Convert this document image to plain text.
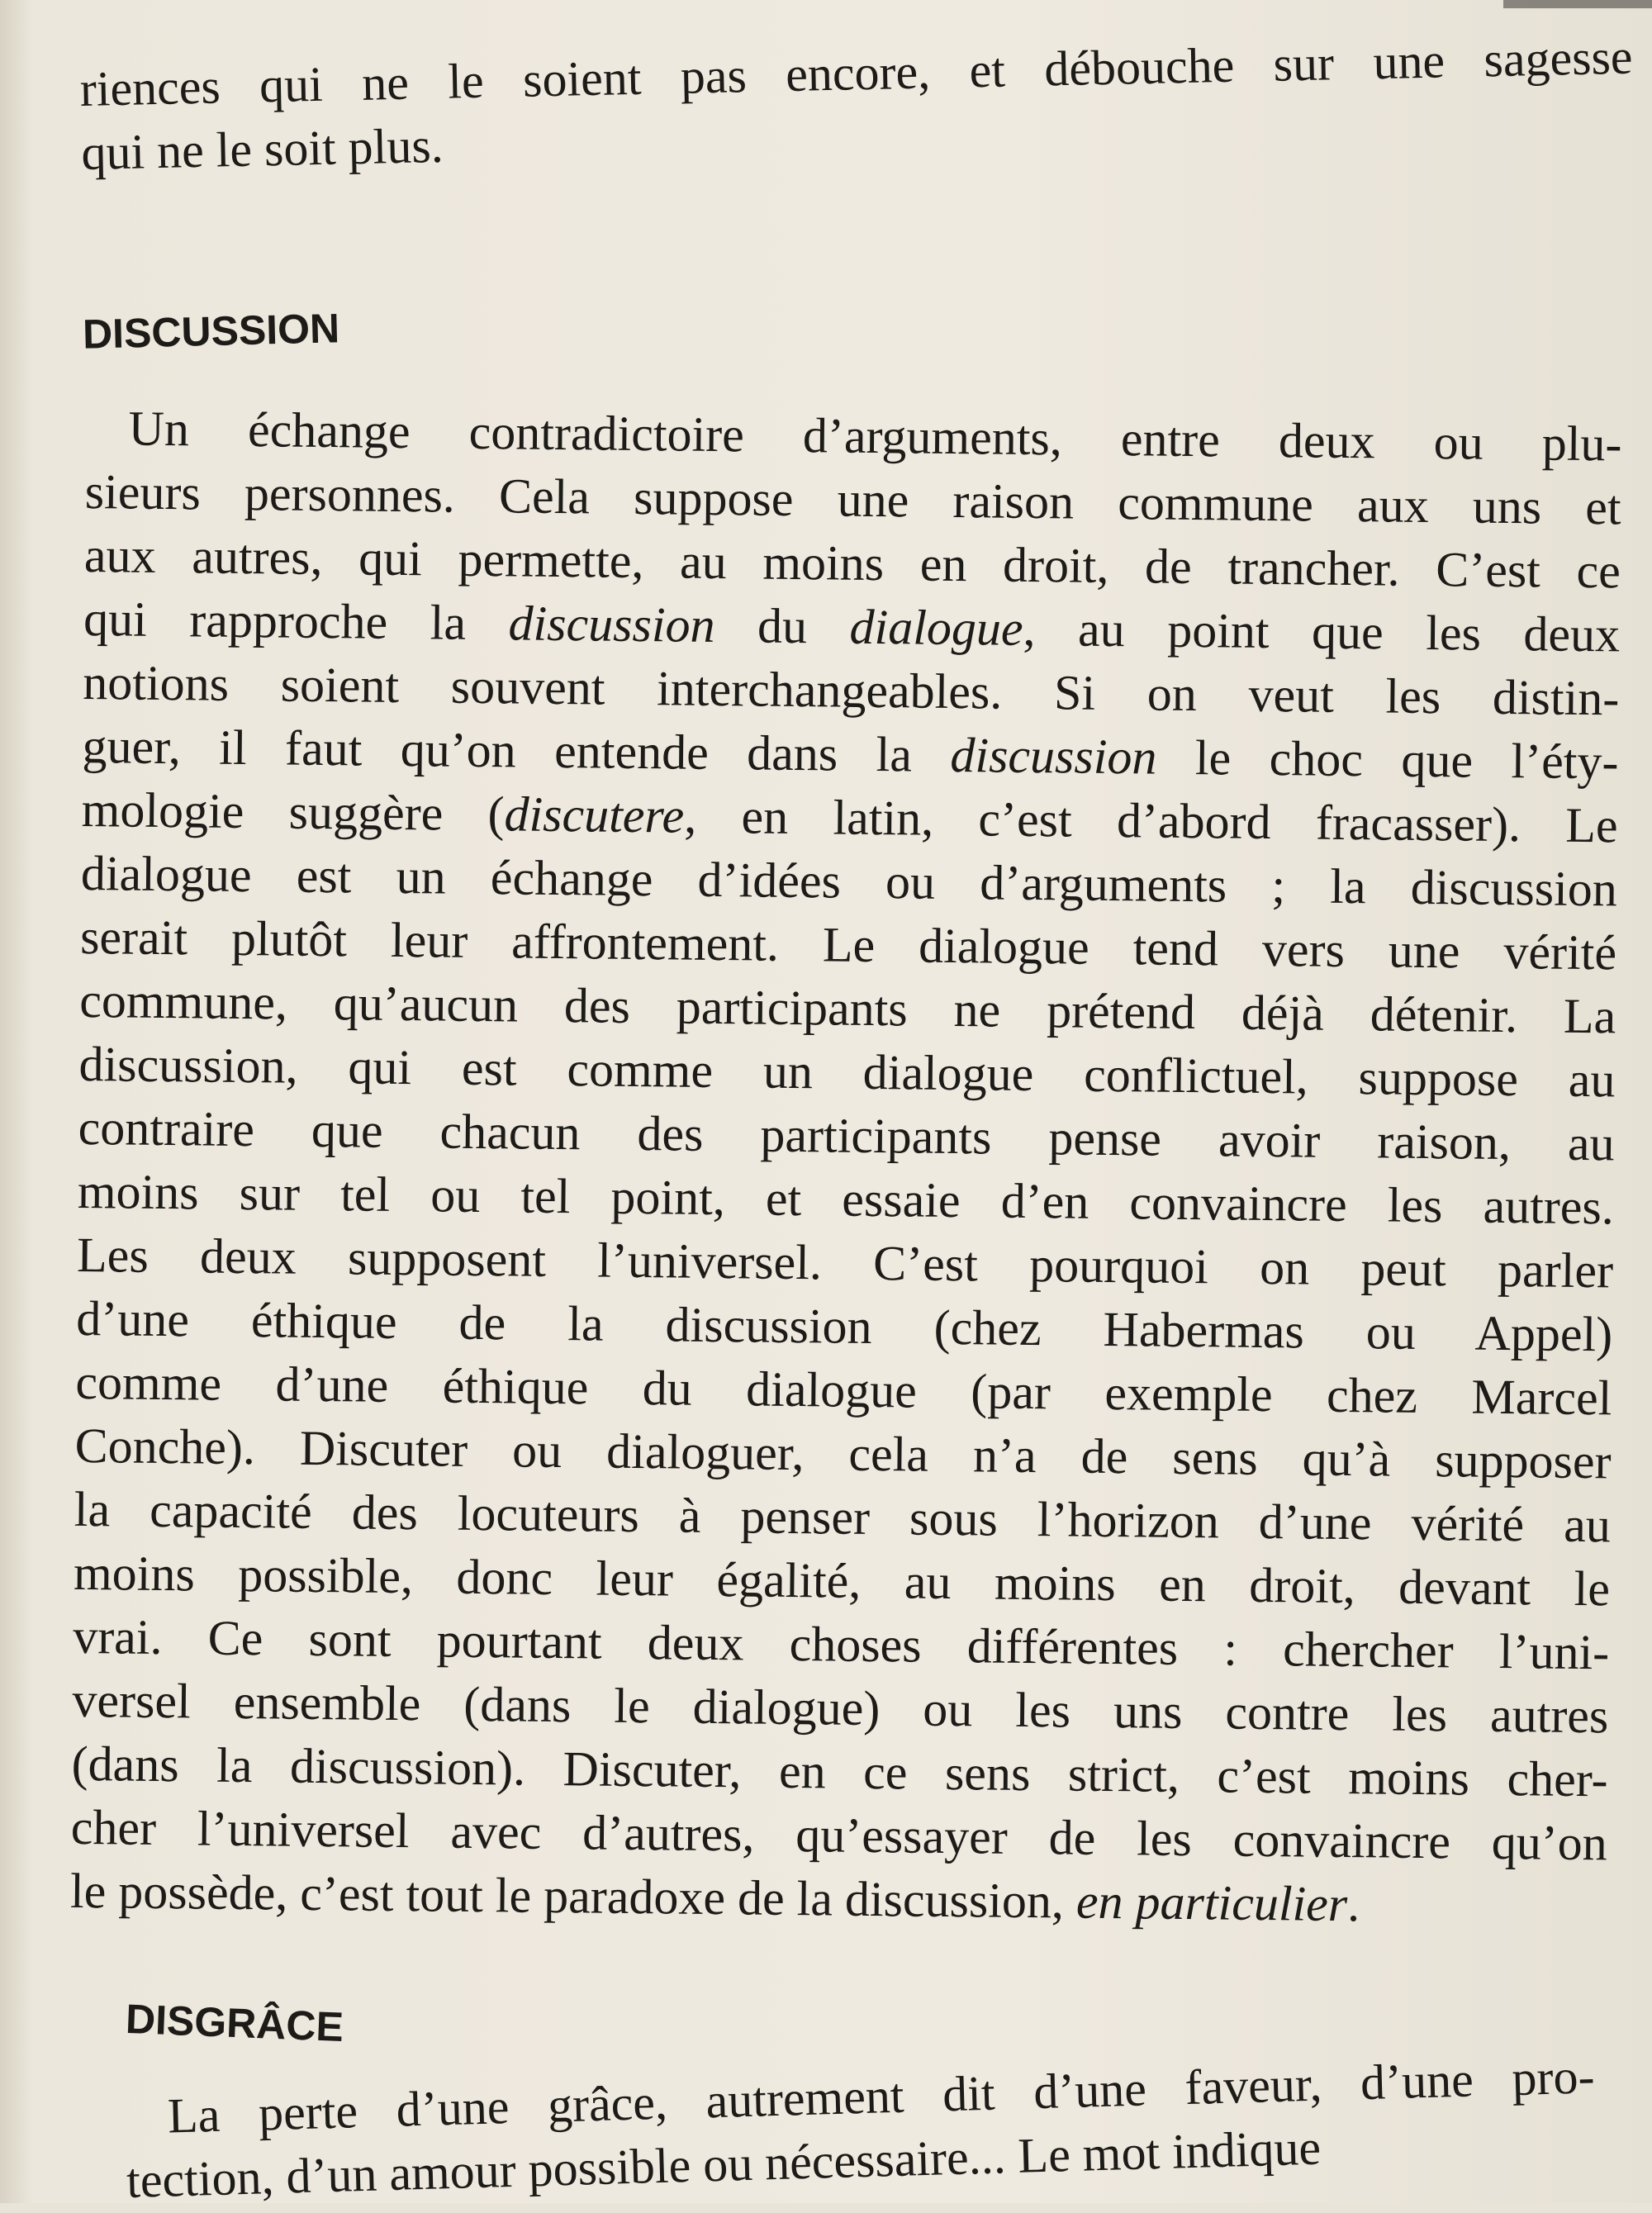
riences qui ne le soient pas encore, et débouche sur une sagesse
qui ne le soit plus.
DISCUSSION
Un échange contradictoire d’arguments, entre deux ou plu-
sieurs personnes. Cela suppose une raison commune aux uns et
aux autres, qui permette, au moins en droit, de trancher. C’est ce
qui rapproche la discussion du dialogue, au point que les deux
notions soient souvent interchangeables. Si on veut les distin-
guer, il faut qu’on entende dans la discussion le choc que l’éty-
mologie suggère (discutere, en latin, c’est d’abord fracasser). Le
dialogue est un échange d’idées ou d’arguments ; la discussion
serait plutôt leur affrontement. Le dialogue tend vers une vérité
commune, qu’aucun des participants ne prétend déjà détenir. La
discussion, qui est comme un dialogue conflictuel, suppose au
contraire que chacun des participants pense avoir raison, au
moins sur tel ou tel point, et essaie d’en convaincre les autres.
Les deux supposent l’universel. C’est pourquoi on peut parler
d’une éthique de la discussion (chez Habermas ou Appel)
comme d’une éthique du dialogue (par exemple chez Marcel
Conche). Discuter ou dialoguer, cela n’a de sens qu’à supposer
la capacité des locuteurs à penser sous l’horizon d’une vérité au
moins possible, donc leur égalité, au moins en droit, devant le
vrai. Ce sont pourtant deux choses différentes : chercher l’uni-
versel ensemble (dans le dialogue) ou les uns contre les autres
(dans la discussion). Discuter, en ce sens strict, c’est moins cher-
cher l’universel avec d’autres, qu’essayer de les convaincre qu’on
le possède, c’est tout le paradoxe de la discussion, en particulier.
DISGRÂCE
La perte d’une grâce, autrement dit d’une faveur, d’une pro-
tection, d’un amour possible ou nécessaire... Le mot indique
